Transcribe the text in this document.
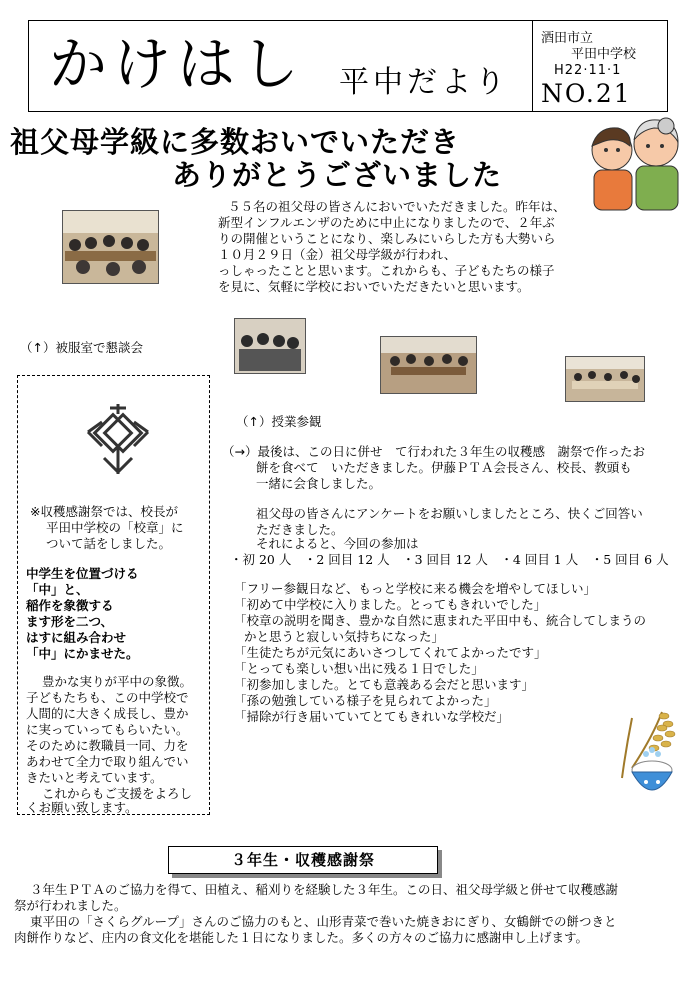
かけはし 平中だより
酒田市立
平田中学校
H22·11·1
NO.21
祖父母学級に多数おいでいただき
ありがとうございました
５５名の祖父母の皆さんにおいでいただきました。昨年は、
新型インフルエンザのために中止になりましたので、２年ぶ
りの開催ということになり、楽しみにいらした方も大勢いら
１０月２９日（金）祖父母学級が行われ、
っしゃったことと思います。これからも、子どもたちの様子
を見に、気軽に学校においでいただきたいと思います。
（↑）被服室で懇談会
※収穫感謝祭では、校長が
平田中学校の「校章」に
ついて話をしました。
中学生を位置づける
「中」と、
稲作を象徴する
ます形を二つ、
はすに組み合わせ
「中」にかませた。
豊かな実りが平中の象徴。
子どもたちも、この中学校で
人間的に大きく成長し、豊か
に実っていってもらいたい。
そのために教職員一同、力を
あわせて全力で取り組んでい
きたいと考えています。
これからもご支援をよろし
くお願い致します。
（↑）授業参観
（→）最後は、この日に併せ　て行われた３年生の収穫感　謝祭で作ったお
餅を食べて　いただきました。伊藤ＰＴＡ会長さん、校長、教頭も
一緒に会食しました。
祖父母の皆さんにアンケートをお願いしましたところ、快くご回答い
ただきました。
それによると、今回の参加は
・初 20 人　・2 回目 12 人　・3 回目 12 人　・4 回目 1 人　・5 回目 6 人
「フリー参観日など、もっと学校に来る機会を増やしてほしい」
「初めて中学校に入りました。とってもきれいでした」
「校章の説明を聞き、豊かな自然に恵まれた平田中も、統合してしまうの
かと思うと寂しい気持ちになった」
「生徒たちが元気にあいさつしてくれてよかったです」
「とっても楽しい想い出に残る１日でした」
「初参加しました。とても意義ある会だと思います」
「孫の勉強している様子を見られてよかった」
「掃除が行き届いていてとてもきれいな学校だ」
３年生・収穫感謝祭
３年生ＰＴＡのご協力を得て、田植え、稲刈りを経験した３年生。この日、祖父母学級と併せて収穫感謝
祭が行われました。
東平田の「さくらグループ」さんのご協力のもと、山形青菜で巻いた焼きおにぎり、女鶴餅での餅つきと
肉餅作りなど、庄内の食文化を堪能した１日になりました。多くの方々のご協力に感謝申し上げます。
